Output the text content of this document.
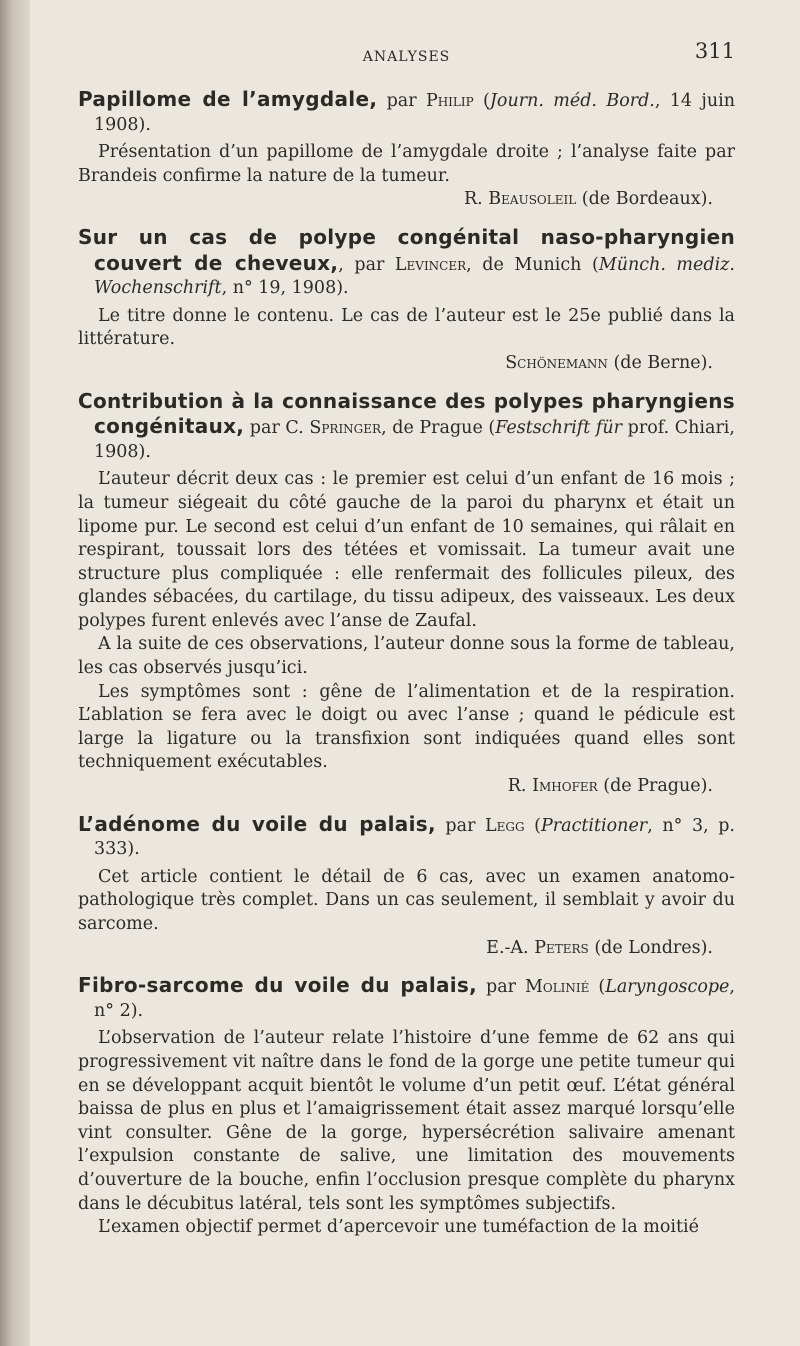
ANALYSES	311
Papillome de l’amygdale, par Philip (Journ. méd. Bord., 14 juin 1908).

Présentation d’un papillome de l’amygdale droite ; l’analyse faite par Brandeis confirme la nature de la tumeur.

R. Beausoleil (de Bordeaux).
Sur un cas de polype congénital naso-pharyngien couvert de cheveux,, par Levincer, de Munich (Münch. mediz. Wochenschrift, n° 19, 1908).

Le titre donne le contenu. Le cas de l’auteur est le 25e publié dans la littérature.

Schönemann (de Berne).
Contribution à la connaissance des polypes pharyngiens congénitaux, par C. Springer, de Prague (Festschrift für prof. Chiari, 1908).

L’auteur décrit deux cas : le premier est celui d’un enfant de 16 mois ; la tumeur siégeait du côté gauche de la paroi du pharynx et était un lipome pur. Le second est celui d’un enfant de 10 semaines, qui râlait en respirant, toussait lors des tétées et vomissait. La tumeur avait une structure plus compliquée : elle renfermait des follicules pileux, des glandes sébacées, du cartilage, du tissu adipeux, des vaisseaux. Les deux polypes furent enlevés avec l’anse de Zaufal.

A la suite de ces observations, l’auteur donne sous la forme de tableau, les cas observés jusqu’ici.

Les symptômes sont : gêne de l’alimentation et de la respiration. L’ablation se fera avec le doigt ou avec l’anse ; quand le pédicule est large la ligature ou la transfixion sont indiquées quand elles sont techniquement exécutables.

R. Imhofer (de Prague).
L’adénome du voile du palais, par Legg (Practitioner, n° 3, p. 333).

Cet article contient le détail de 6 cas, avec un examen anatomo-pathologique très complet. Dans un cas seulement, il semblait y avoir du sarcome.

E.-A. Peters (de Londres).
Fibro-sarcome du voile du palais, par Molinié (Laryngoscope, n° 2).

L’observation de l’auteur relate l’histoire d’une femme de 62 ans qui progressivement vit naître dans le fond de la gorge une petite tumeur qui en se développant acquit bientôt le volume d’un petit œuf. L’état général baissa de plus en plus et l’amaigrissement était assez marqué lorsqu’elle vint consulter. Gêne de la gorge, hypersécrétion salivaire amenant l’expulsion constante de salive, une limitation des mouvements d’ouverture de la bouche, enfin l’occlusion presque complète du pharynx dans le décubitus latéral, tels sont les symptômes subjectifs.

L’examen objectif permet d’apercevoir une tuméfaction de la moitié
